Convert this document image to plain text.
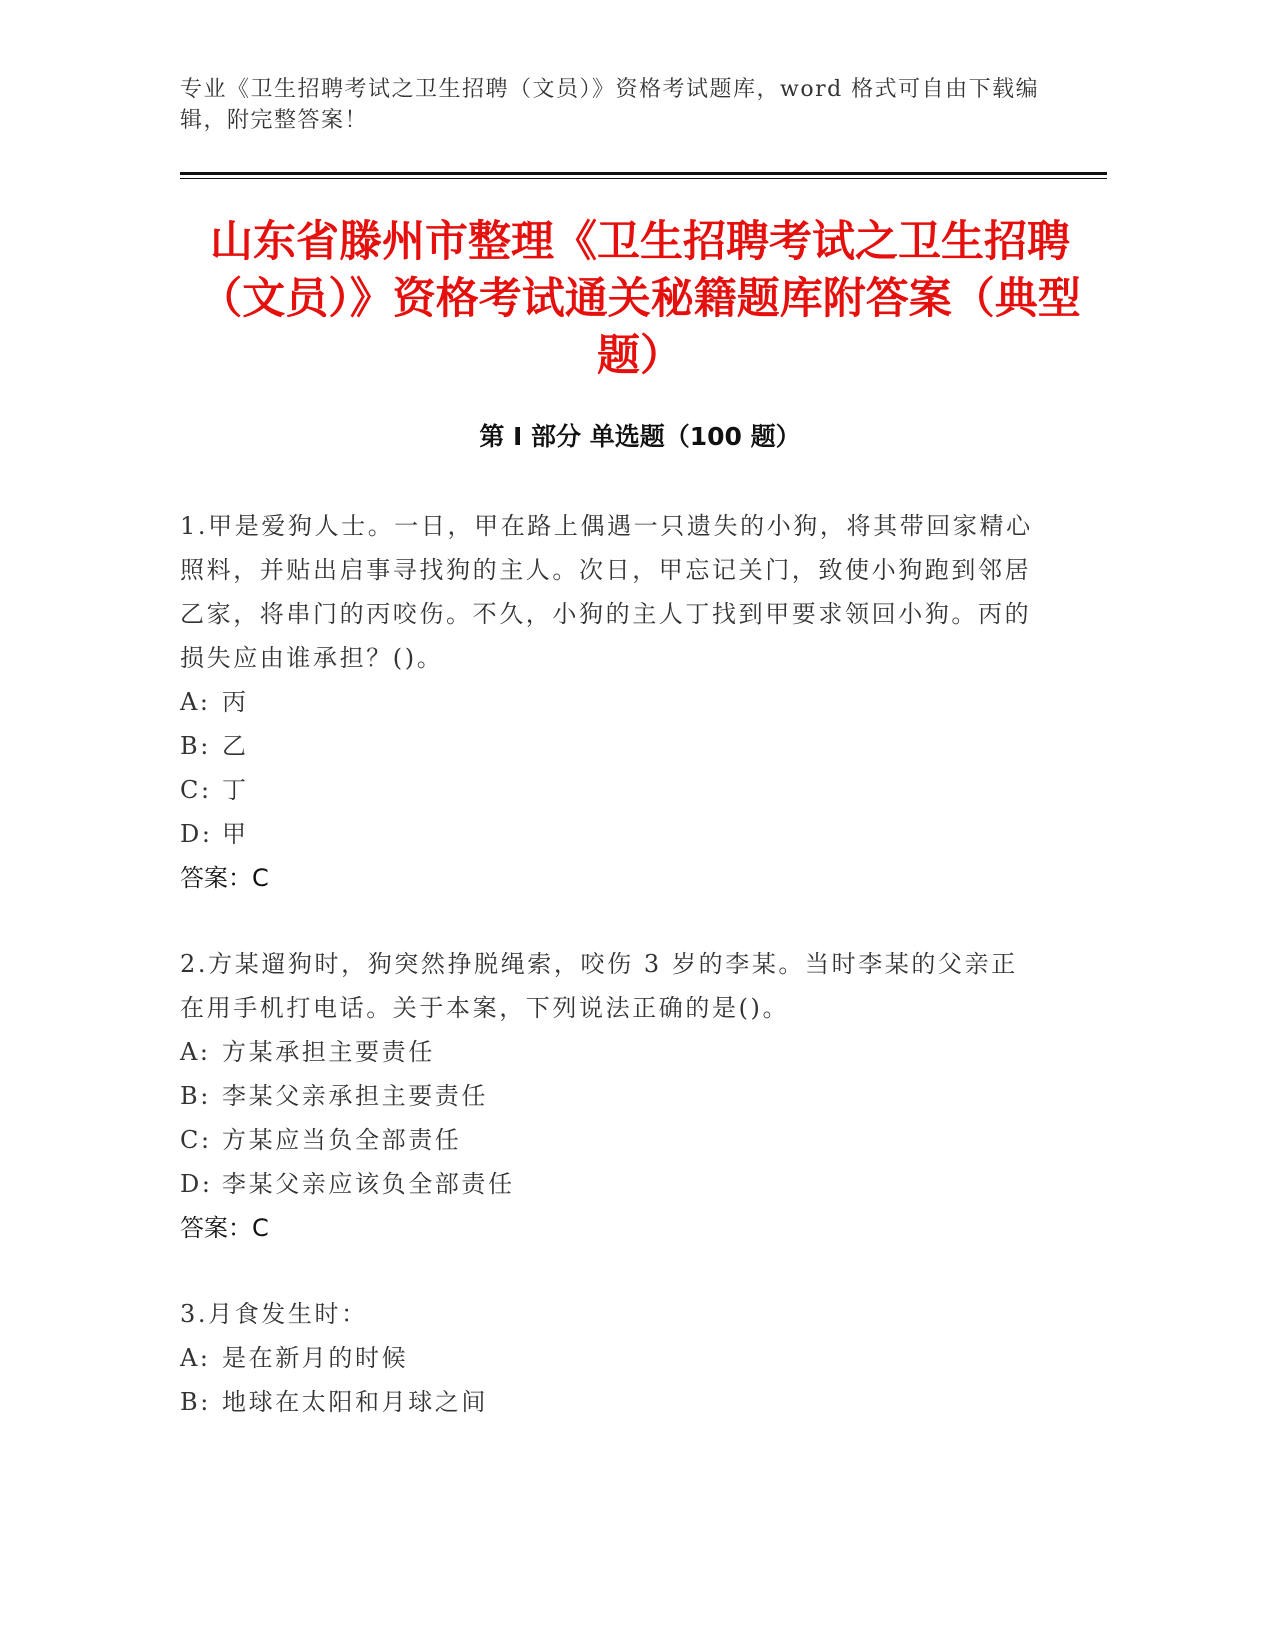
专业《卫生招聘考试之卫生招聘（文员）》资格考试题库，word 格式可自由下载编辑，附完整答案！
山东省滕州市整理《卫生招聘考试之卫生招聘（文员）》资格考试通关秘籍题库附答案（典型题）
第 I 部分 单选题（100 题）

1.甲是爱狗人士。一日，甲在路上偶遇一只遗失的小狗，将其带回家精心照料，并贴出启事寻找狗的主人。次日，甲忘记关门，致使小狗跑到邻居乙家，将串门的丙咬伤。不久，小狗的主人丁找到甲要求领回小狗。丙的损失应由谁承担？()。

A: 丙

B: 乙

C: 丁

D: 甲

答案：C

2.方某遛狗时，狗突然挣脱绳索，咬伤 3 岁的李某。当时李某的父亲正在用手机打电话。关于本案，下列说法正确的是()。

A: 方某承担主要责任

B: 李某父亲承担主要责任

C: 方某应当负全部责任

D: 李某父亲应该负全部责任

答案：C

3.月食发生时：

A: 是在新月的时候

B: 地球在太阳和月球之间
